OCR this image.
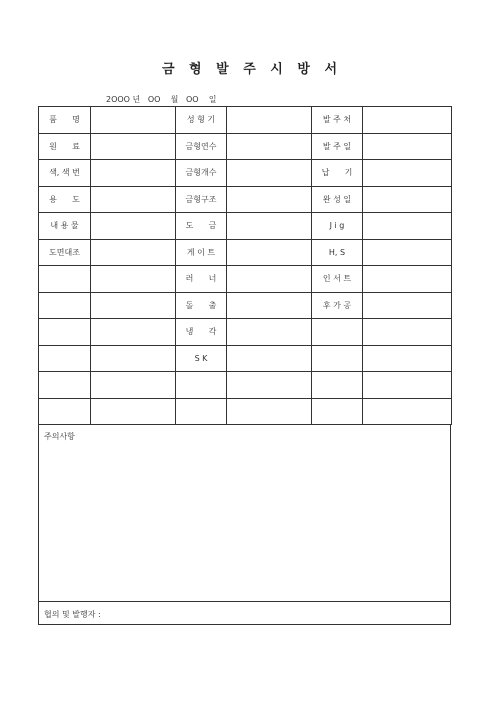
금 형 발 주 시 방 서
2OOO 년   OO    월   OO    일
품      명		성 형 기		발 주 처	
원      료		금형연수		발 주 일	
색, 색 번		금형개수		납      기	
용      도		금형구조		완 성 일	
내 용 물		도      금		J i g	
도면대조		게 이 트		H, S	
		러      너		인 서 트	
		돌      출		후 가 공	
		냉      각			
		S K			

주의사항
협의 및 발행자 :
